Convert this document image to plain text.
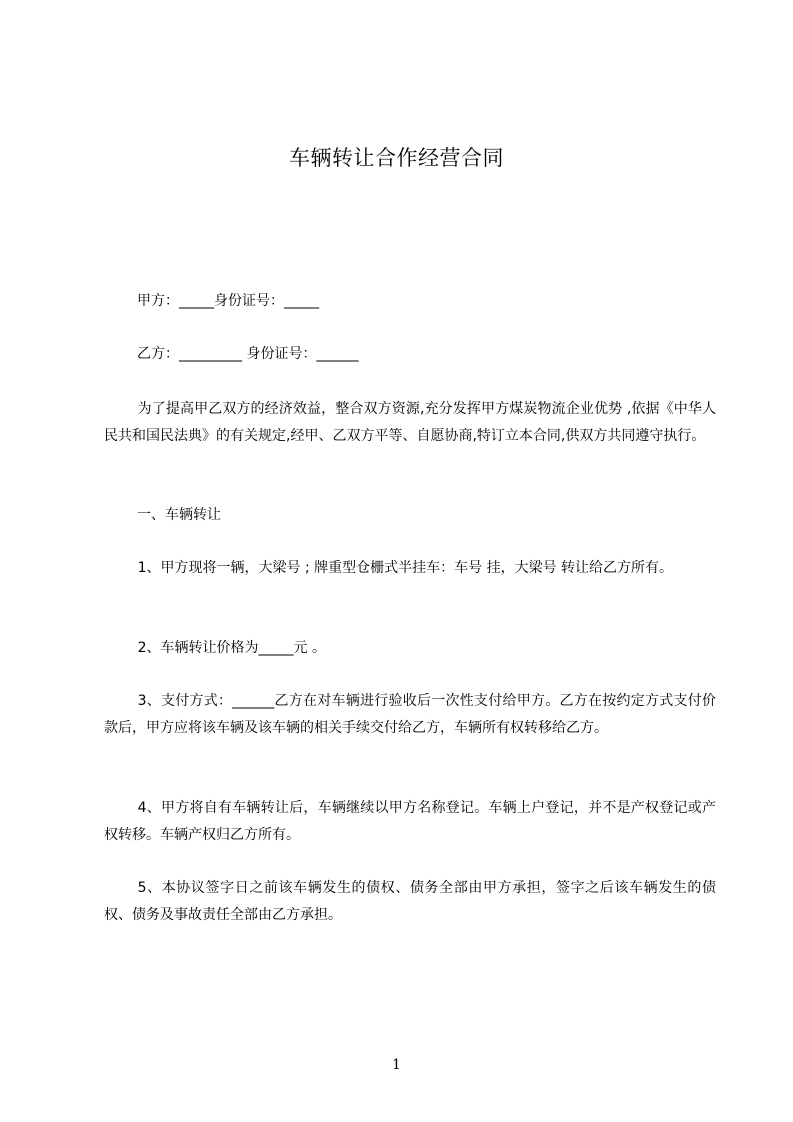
车辆转让合作经营合同
甲方：_____身份证号：_____
乙方：_________ 身份证号：______
为了提高甲乙双方的经济效益，整合双方资源,充分发挥甲方煤炭物流企业优势 ,依据《中华人民共和国民法典》的有关规定,经甲、乙双方平等、自愿协商,特订立本合同,供双方共同遵守执行。
一、车辆转让
1、甲方现将一辆，大梁号 ; 牌重型仓栅式半挂车：车号 挂，大梁号 转让给乙方所有。
2、车辆转让价格为_____元 。
3、支付方式：______乙方在对车辆进行验收后一次性支付给甲方。乙方在按约定方式支付价款后，甲方应将该车辆及该车辆的相关手续交付给乙方，车辆所有权转移给乙方。
4、甲方将自有车辆转让后，车辆继续以甲方名称登记。车辆上户登记，并不是产权登记或产权转移。车辆产权归乙方所有。
5、本协议签字日之前该车辆发生的债权、债务全部由甲方承担，签字之后该车辆发生的债权、债务及事故责任全部由乙方承担。
1
